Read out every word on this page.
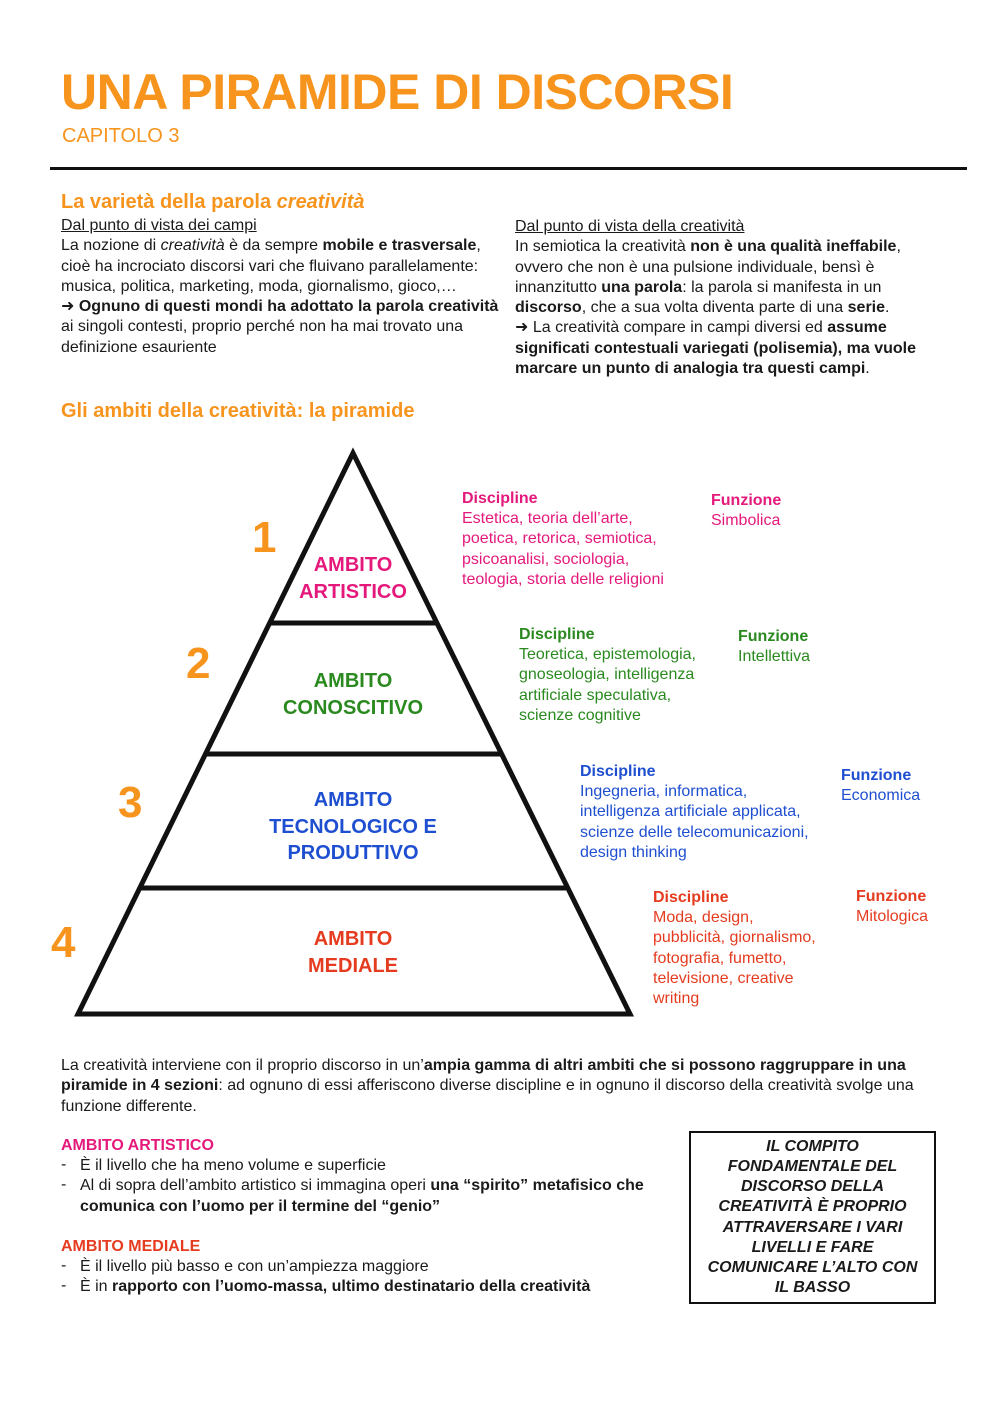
UNA PIRAMIDE DI DISCORSI
CAPITOLO 3
La varietà della parola creatività
Dal punto di vista dei campi
La nozione di creatività è da sempre mobile e trasversale, cioè ha incrociato discorsi vari che fluivano parallelamente: musica, politica, marketing, moda, giornalismo, gioco,…
➜ Ognuno di questi mondi ha adottato la parola creatività ai singoli contesti, proprio perché non ha mai trovato una definizione esauriente
Dal punto di vista della creatività
In semiotica la creatività non è una qualità ineffabile, ovvero che non è una pulsione individuale, bensì è innanzitutto una parola: la parola si manifesta in un discorso, che a sua volta diventa parte di una serie.
➜ La creatività compare in campi diversi ed assume significati contestuali variegati (polisemia), ma vuole marcare un punto di analogia tra questi campi.
Gli ambiti della creatività: la piramide
1
2
3
4
AMBITO
ARTISTICO
AMBITO
CONOSCITIVO
AMBITO
TECNOLOGICO E
PRODUTTIVO
AMBITO
MEDIALE
Discipline
Estetica, teoria dell’arte,
poetica, retorica, semiotica,
psicoanalisi, sociologia,
teologia, storia delle religioni
Funzione
Simbolica
Discipline
Teoretica, epistemologia,
gnoseologia, intelligenza
artificiale speculativa,
scienze cognitive
Funzione
Intellettiva
Discipline
Ingegneria, informatica,
intelligenza artificiale applicata,
scienze delle telecomunicazioni,
design thinking
Funzione
Economica
Discipline
Moda, design,
pubblicità, giornalismo,
fotografia, fumetto,
televisione, creative
writing
Funzione
Mitologica
La creatività interviene con il proprio discorso in un’ampia gamma di altri ambiti che si possono raggruppare in una piramide in 4 sezioni: ad ognuno di essi afferiscono diverse discipline e in ognuno il discorso della creatività svolge una funzione differente.
AMBITO ARTISTICO
- È il livello che ha meno volume e superficie
- Al di sopra dell’ambito artistico si immagina operi una “spirito” metafisico che comunica con l’uomo per il termine del “genio”
AMBITO MEDIALE
- È il livello più basso e con un’ampiezza maggiore
- È in rapporto con l’uomo-massa, ultimo destinatario della creatività
IL COMPITO FONDAMENTALE DEL DISCORSO DELLA CREATIVITÀ È PROPRIO ATTRAVERSARE I VARI LIVELLI E FARE COMUNICARE L’ALTO CON IL BASSO
